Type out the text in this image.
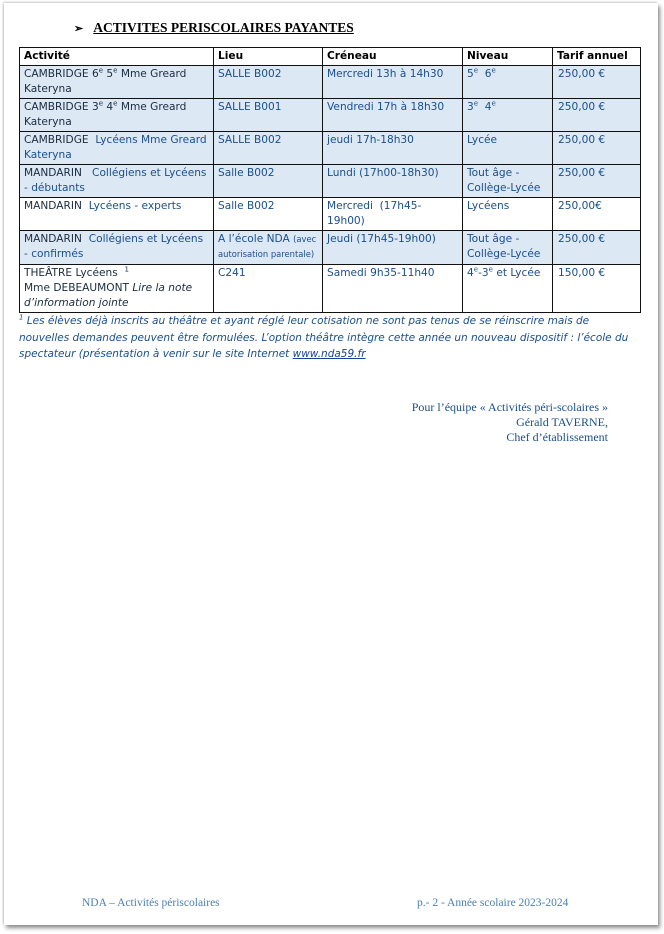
➢ ACTIVITES PERISCOLAIRES PAYANTES
Activité	Lieu	Créneau	Niveau	Tarif annuel
CAMBRIDGE 6e 5e Mme Greard Kateryna	SALLE B002	Mercredi 13h à 14h30	5e  6e	250,00 €
CAMBRIDGE 3e 4e Mme Greard Kateryna	SALLE B001	Vendredi 17h à 18h30	3e  4e	250,00 €
CAMBRIDGE  Lycéens Mme Greard Kateryna	SALLE B002	jeudi 17h-18h30	Lycée	250,00 €
MANDARIN   Collégiens et Lycéens - débutants	Salle B002	Lundi (17h00-18h30)	Tout âge - Collège-Lycée	250,00 €
MANDARIN  Lycéens - experts	Salle B002	Mercredi  (17h45-19h00)	Lycéens	250,00€
MANDARIN  Collégiens et Lycéens - confirmés	A l’école NDA (avec autorisation parentale)	Jeudi (17h45-19h00)	Tout âge - Collège-Lycée	250,00 €
THEÂTRE Lycéens $^1$
Mme DEBEAUMONT Lire la note d’information jointe	C241	Samedi 9h35-11h40	4e-3e et Lycée	150,00 €
$^1$ Les élèves déjà inscrits au théâtre et ayant réglé leur cotisation ne sont pas tenus de se réinscrire mais de nouvelles demandes peuvent être formulées. L’option théâtre intègre cette année un nouveau dispositif : l’école du spectateur (présentation à venir sur le site Internet www.nda59.fr
Pour l’équipe « Activités péri-scolaires »
Gérald TAVERNE,
Chef d’établissement
NDA – Activités périscolaires	p.- 2 - Année scolaire 2023-2024
